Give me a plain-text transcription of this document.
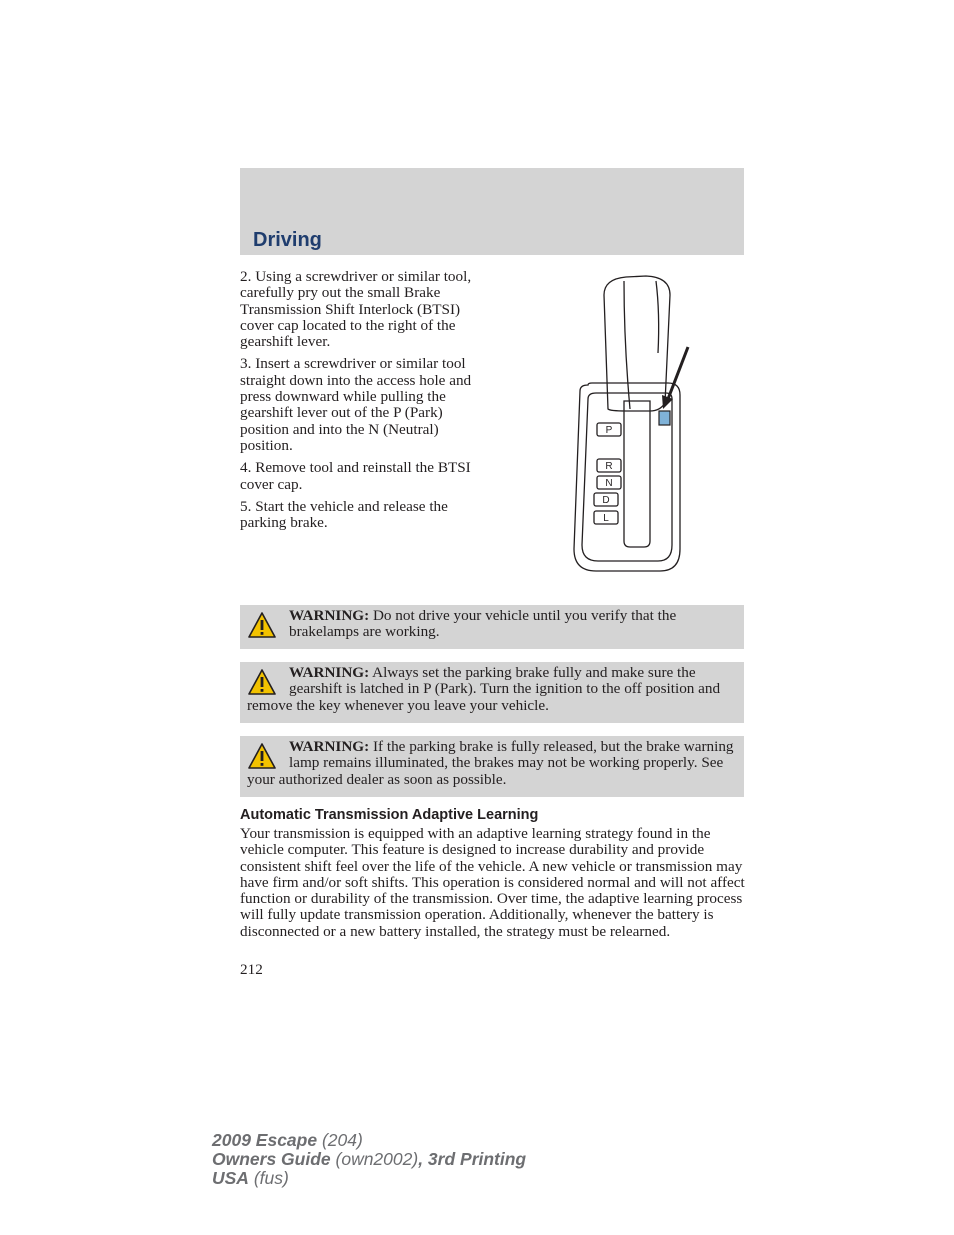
Driving

2. Using a screwdriver or similar tool, carefully pry out the small Brake Transmission Shift Interlock (BTSI) cover cap located to the right of the gearshift lever.

3. Insert a screwdriver or similar tool straight down into the access hole and press downward while pulling the gearshift lever out of the P (Park) position and into the N (Neutral) position.

4. Remove tool and reinstall the BTSI cover cap.

5. Start the vehicle and release the parking brake.

P
R
N
D
L
WARNING: Do not drive your vehicle until you verify that the brakelamps are working.
WARNING: Always set the parking brake fully and make sure the gearshift is latched in P (Park). Turn the ignition to the off position and remove the key whenever you leave your vehicle.
WARNING: If the parking brake is fully released, but the brake warning lamp remains illuminated, the brakes may not be working properly. See your authorized dealer as soon as possible.
Automatic Transmission Adaptive Learning

Your transmission is equipped with an adaptive learning strategy found in the vehicle computer. This feature is designed to increase durability and provide consistent shift feel over the life of the vehicle. A new vehicle or transmission may have firm and/or soft shifts. This operation is considered normal and will not affect function or durability of the transmission. Over time, the adaptive learning process will fully update transmission operation. Additionally, whenever the battery is disconnected or a new battery installed, the strategy must be relearned.

212
2009 Escape (204)
Owners Guide (own2002), 3rd Printing
USA (fus)
